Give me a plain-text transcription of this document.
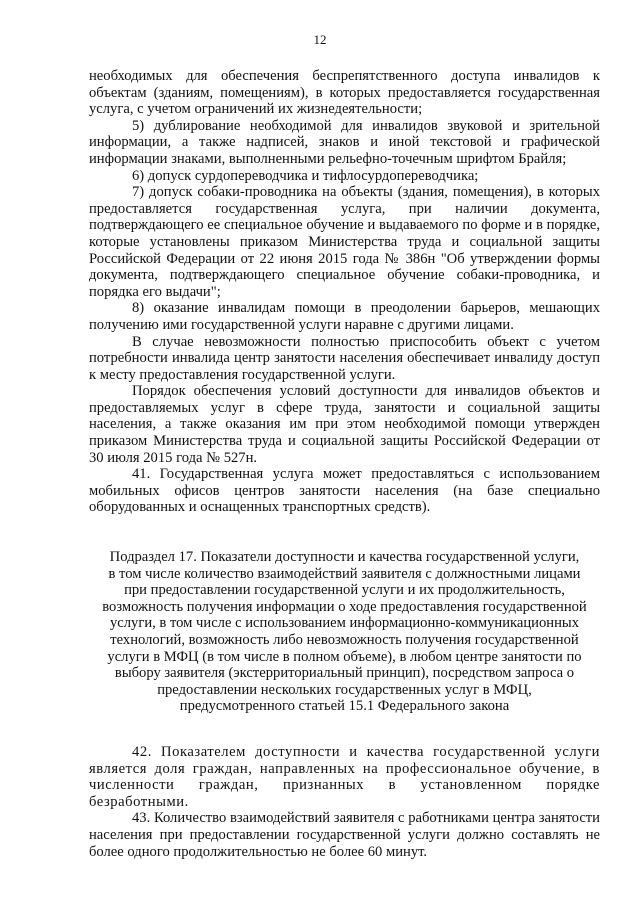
12

необходимых для обеспечения беспрепятственного доступа инвалидов к объектам (зданиям, помещениям), в которых предоставляется государственная услуга, с учетом ограничений их жизнедеятельности;

5) дублирование необходимой для инвалидов звуковой и зрительной информации, а также надписей, знаков и иной текстовой и графической информации знаками, выполненными рельефно-точечным шрифтом Брайля;

6) допуск сурдопереводчика и тифлосурдопереводчика;

7) допуск собаки-проводника на объекты (здания, помещения), в которых предоставляется государственная услуга, при наличии документа, подтверждающего ее специальное обучение и выдаваемого по форме и в порядке, которые установлены приказом Министерства труда и социальной защиты Российской Федерации от 22 июня 2015 года № 386н "Об утверждении формы документа, подтверждающего специальное обучение собаки-проводника, и порядка его выдачи";

8) оказание инвалидам помощи в преодолении барьеров, мешающих получению ими государственной услуги наравне с другими лицами.

В случае невозможности полностью приспособить объект с учетом потребности инвалида центр занятости населения обеспечивает инвалиду доступ к месту предоставления государственной услуги.

Порядок обеспечения условий доступности для инвалидов объектов и предоставляемых услуг в сфере труда, занятости и социальной защиты населения, а также оказания им при этом необходимой помощи утвержден приказом Министерства труда и социальной защиты Российской Федерации от 30 июля 2015 года № 527н.

41. Государственная услуга может предоставляться с использованием мобильных офисов центров занятости населения (на базе специально оборудованных и оснащенных транспортных средств).

Подраздел 17. Показатели доступности и качества государственной услуги,
в том числе количество взаимодействий заявителя с должностными лицами
при предоставлении государственной услуги и их продолжительность,
возможность получения информации о ходе предоставления государственной
услуги, в том числе с использованием информационно-коммуникационных
технологий, возможность либо невозможность получения государственной
услуги в МФЦ (в том числе в полном объеме), в любом центре занятости по
выбору заявителя (экстерриториальный принцип), посредством запроса о
предоставлении нескольких государственных услуг в МФЦ,
предусмотренного статьей 15.1 Федерального закона

42. Показателем доступности и качества государственной услуги является доля граждан, направленных на профессиональное обучение, в численности граждан, признанных в установленном порядке безработными.

43. Количество взаимодействий заявителя с работниками центра занятости населения при предоставлении государственной услуги должно составлять не более одного продолжительностью не более 60 минут.
